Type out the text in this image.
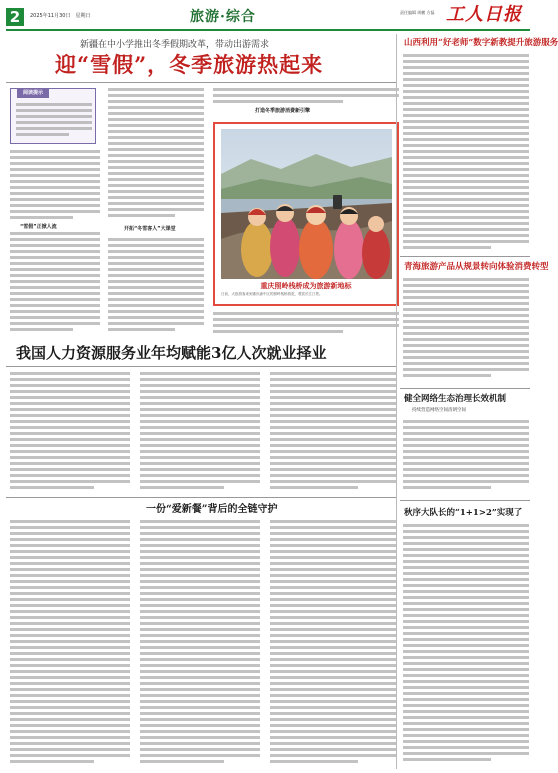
2	2025年11月30日　星期日	旅游·综合	责任编辑 周鹏 方磊 工人日报
新疆在中小学推出冬季假期改革，带动出游需求
迎“雪假”，冬季旅游热起来
阅读提示
“雪假”正掀人流	开拓“冬雪客人”大课堂
打造冬季旅游消费新引擎
重庆照岭栈桥成为旅游新地标
日前，大批游客来到重庆渝中区的照岭栈桥游览，观赏长江江景。
我国人力资源服务业年均赋能3亿人次就业择业
一份“爱新餐”背后的全链守护
山西利用“好老师”数字新教提升旅游服务
青海旅游产品从规景转向体验消费转型
健全网络生态治理长效机制
持续营造网络空间清朗空间
秋序大队长的“1+1>2”实现了
